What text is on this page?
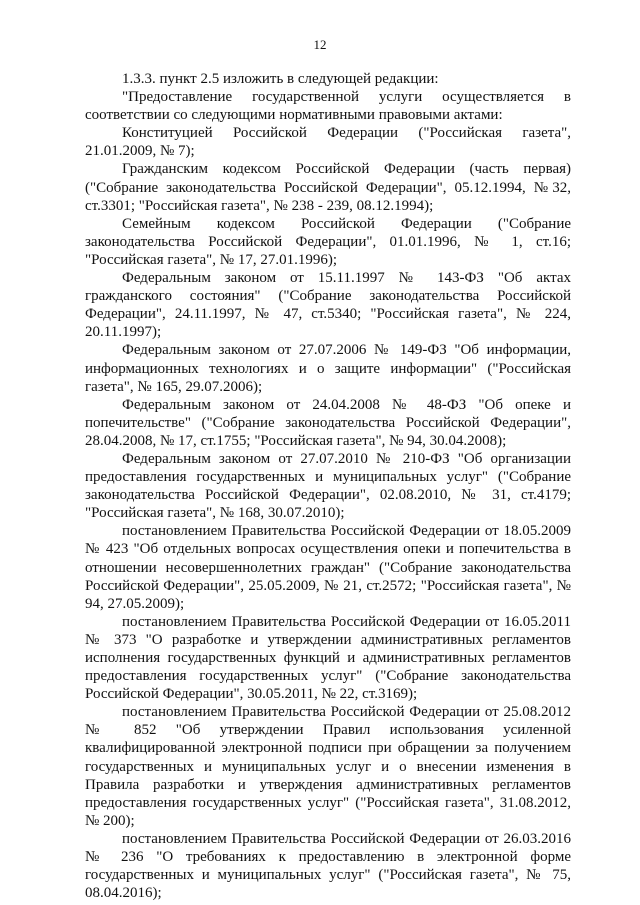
12

1.3.3. пункт 2.5 изложить в следующей редакции:

"Предоставление государственной услуги осуществляется в соответствии со следующими нормативными правовыми актами:

Конституцией Российской Федерации ("Российская газета", 21.01.2009, № 7);

Гражданским кодексом Российской Федерации (часть первая) ("Собрание законодательства Российской Федерации", 05.12.1994, №32, ст.3301; "Российская газета", № 238 - 239, 08.12.1994);

Семейным кодексом Российской Федерации ("Собрание законодательства Российской Федерации", 01.01.1996, № 1, ст.16; "Российская газета", № 17, 27.01.1996);

Федеральным законом от 15.11.1997 № 143-ФЗ "Об актах гражданского состояния" ("Собрание законодательства Российской Федерации", 24.11.1997, № 47, ст.5340; "Российская газета", № 224, 20.11.1997);

Федеральным законом от 27.07.2006 № 149-ФЗ "Об информации, информационных технологиях и о защите информации" ("Российская газета", № 165, 29.07.2006);

Федеральным законом от 24.04.2008 № 48-ФЗ "Об опеке и попечительстве" ("Собрание законодательства Российской Федерации", 28.04.2008, № 17, ст.1755; "Российская газета", № 94, 30.04.2008);

Федеральным законом от 27.07.2010 № 210-ФЗ "Об организации предоставления государственных и муниципальных услуг" ("Собрание законодательства Российской Федерации", 02.08.2010, № 31, ст.4179; "Российская газета", № 168, 30.07.2010);

постановлением Правительства Российской Федерации от 18.05.2009 № 423 "Об отдельных вопросах осуществления опеки и попечительства в отношении несовершеннолетних граждан" ("Собрание законодательства Российской Федерации", 25.05.2009, № 21, ст.2572; "Российская газета", № 94, 27.05.2009);

постановлением Правительства Российской Федерации от 16.05.2011 № 373 "О разработке и утверждении административных регламентов исполнения государственных функций и административных регламентов предоставления государственных услуг" ("Собрание законодательства Российской Федерации", 30.05.2011, № 22, ст.3169);

постановлением Правительства Российской Федерации от 25.08.2012 № 852 "Об утверждении Правил использования усиленной квалифицированной электронной подписи при обращении за получением государственных и муниципальных услуг и о внесении изменения в Правила разработки и утверждения административных регламентов предоставления государственных услуг" ("Российская газета", 31.08.2012, № 200);

постановлением Правительства Российской Федерации от 26.03.2016 № 236 "О требованиях к предоставлению в электронной форме государственных и муниципальных услуг" ("Российская газета", № 75, 08.04.2016);
